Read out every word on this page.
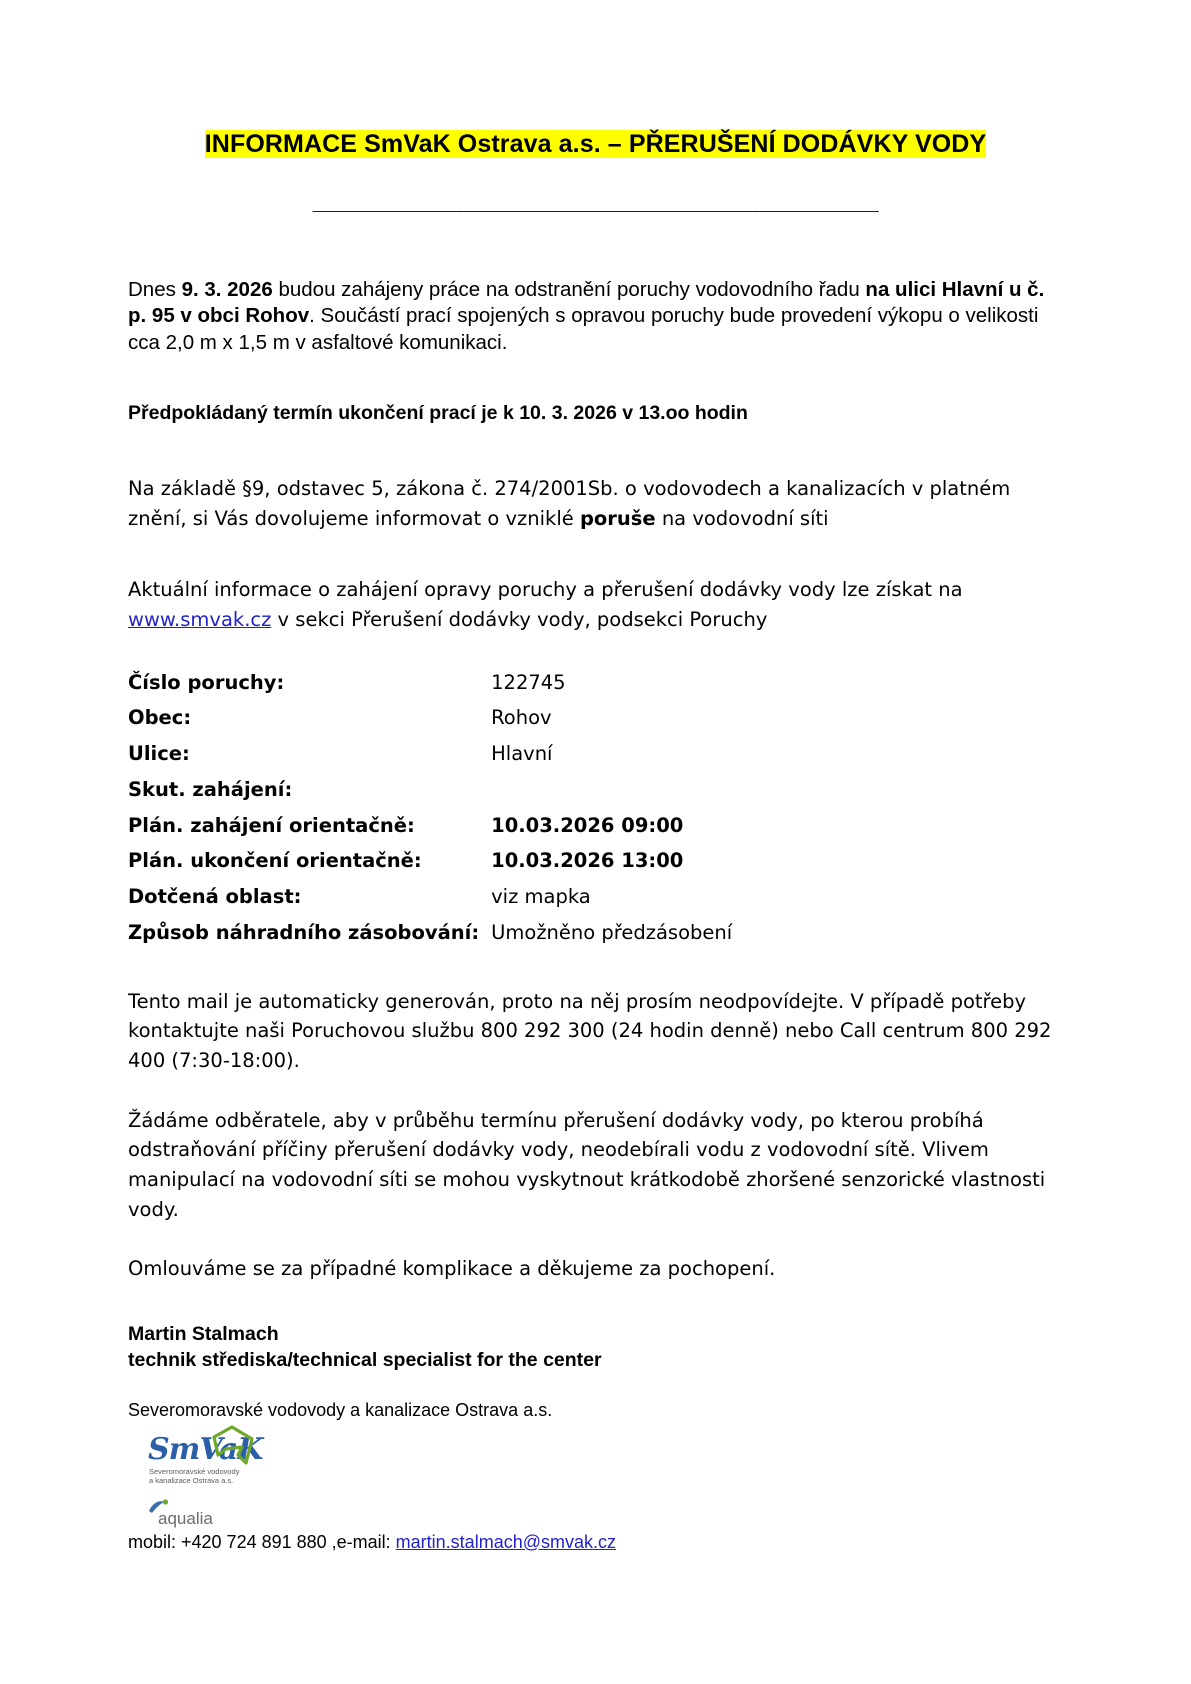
INFORMACE SmVaK Ostrava a.s. – PŘERUŠENÍ DODÁVKY VODY
______________________________________________

Dnes 9. 3. 2026 budou zahájeny práce na odstranění poruchy vodovodního řadu na ulici Hlavní u č. p. 95 v obci Rohov. Součástí prací spojených s opravou poruchy bude provedení výkopu o velikosti cca 2,0 m x 1,5 m v asfaltové komunikaci.

Předpokládaný termín ukončení prací je k 10. 3. 2026 v 13.oo hodin

Na základě §9, odstavec 5, zákona č. 274/2001Sb. o vodovodech a kanalizacích v platném znění, si Vás dovolujeme informovat o vzniklé poruše na vodovodní síti

Aktuální informace o zahájení opravy poruchy a přerušení dodávky vody lze získat na www.smvak.cz v sekci Přerušení dodávky vody, podsekci Poruchy

Číslo poruchy:	122745
Obec:	Rohov
Ulice:	Hlavní
Skut. zahájení:	
Plán. zahájení orientačně:	10.03.2026 09:00
Plán. ukončení orientačně:	10.03.2026 13:00
Dotčená oblast:	viz mapka
Způsob náhradního zásobování:	Umožněno předzásobení

Tento mail je automaticky generován, proto na něj prosím neodpovídejte. V případě potřeby kontaktujte naši Poruchovou službu 800 292 300 (24 hodin denně) nebo Call centrum 800 292 400 (7:30-18:00).

Žádáme odběratele, aby v průběhu termínu přerušení dodávky vody, po kterou probíhá odstraňování příčiny přerušení dodávky vody, neodebírali vodu z vodovodní sítě. Vlivem manipulací na vodovodní síti se mohou vyskytnout krátkodobě zhoršené senzorické vlastnosti vody.

Omlouváme se za případné komplikace a děkujeme za pochopení.

Martin Stalmach
technik střediska/technical specialist for the center
Severomoravské vodovody a kanalizace Ostrava a.s.
SmVaK
Severomoravské vodovody
a kanalizace Ostrava a.s.
aqualia
mobil: +420 724 891 880 ,e-mail: martin.stalmach@smvak.cz
